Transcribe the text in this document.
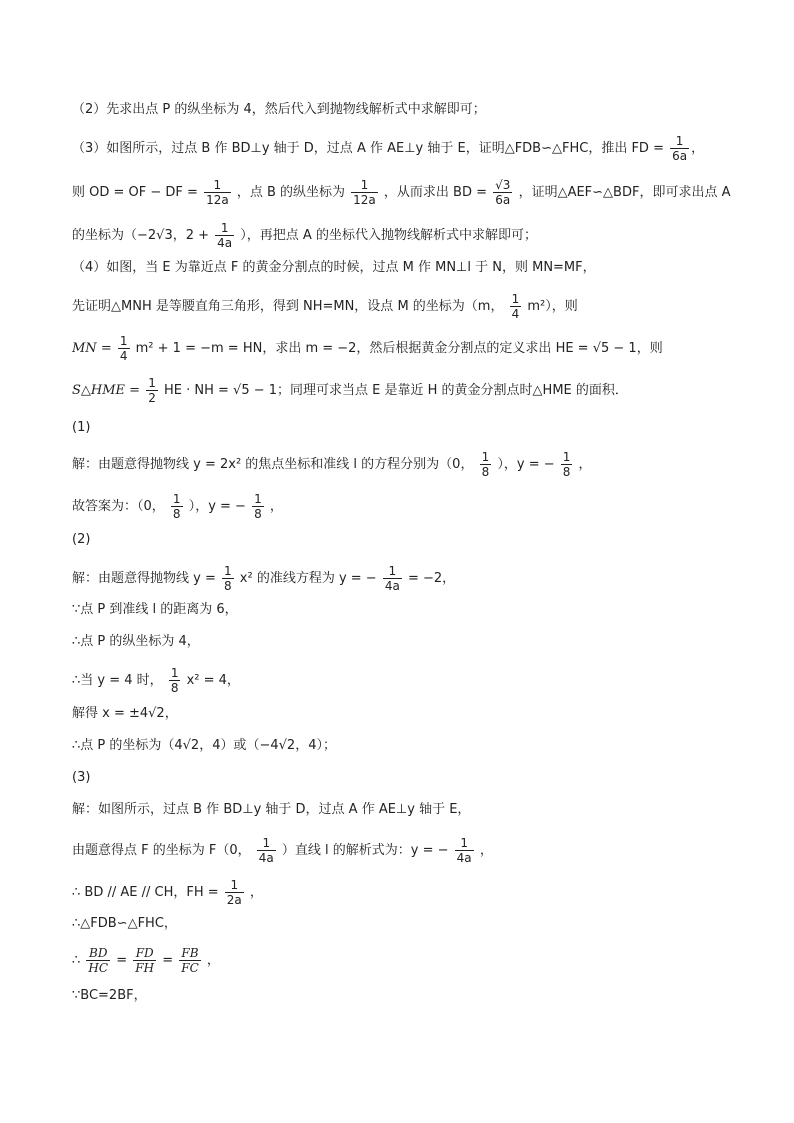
（2）先求出点 P 的纵坐标为 4，然后代入到抛物线解析式中求解即可；
（3）如图所示，过点 B 作 BD⊥y 轴于 D，过点 A 作 AE⊥y 轴于 E，证明△FDB∽△FHC，推出 FD = $\frac{1}{6a}$ ，
则 OD = OF − DF = $\frac{1}{12a}$ ，点 B 的纵坐标为 $\frac{1}{12a}$ ，从而求出 BD = $\frac{√3}{6a}$ ，证明△AEF∽△BDF，即可求出点 A
的坐标为（−2√3，$2 + \frac{1}{4a}$ ），再把点 A 的坐标代入抛物线解析式中求解即可；
（4）如图，当 E 为靠近点 F 的黄金分割点的时候，过点 M 作 MN⊥l 于 N，则 MN=MF，
先证明△MNH 是等腰直角三角形，得到 NH=MN，设点 M 的坐标为（m， $\frac{1}{4} m^2$），则
MN = $\frac{1}{4} m^2 + 1 = -m$ = HN，求出 m = −2，然后根据黄金分割点的定义求出 HE = √5 − 1，则
S△HME = $\frac{1}{2}$ HE · NH = √5 − 1；同理可求当点 E 是靠近 H 的黄金分割点时△HME 的面积．
(1)
解：由题意得抛物线 y = 2x² 的焦点坐标和准线 l 的方程分别为（0， $\frac{1}{8}$ ），y = − $\frac{1}{8}$ ，
故答案为：（0， $\frac{1}{8}$ ），y = − $\frac{1}{8}$ ，
(2)
解：由题意得抛物线 $y = \frac{1}{8} x^2$ 的准线方程为 y = − $\frac{1}{4a} = -2$，
∵点 P 到准线 l 的距离为 6，
∴点 P 的纵坐标为 4，
∴当 y = 4 时， $\frac{1}{8} x^2 = 4$，
解得 x = ±4√2，
∴点 P 的坐标为（4√2，4）或（−4√2，4）；
(3)
解：如图所示，过点 B 作 BD⊥y 轴于 D，过点 A 作 AE⊥y 轴于 E，
由题意得点 F 的坐标为 F（0， $\frac{1}{4a}$ ）直线 l 的解析式为：y = − $\frac{1}{4a}$ ，
∴ BD // AE // CH，FH = $\frac{1}{2a}$ ，
∴△FDB∽△FHC，
∴ $\frac{BD}{HC} = \frac{FD}{FH} = \frac{FB}{FC}$ ，
∵BC=2BF，
